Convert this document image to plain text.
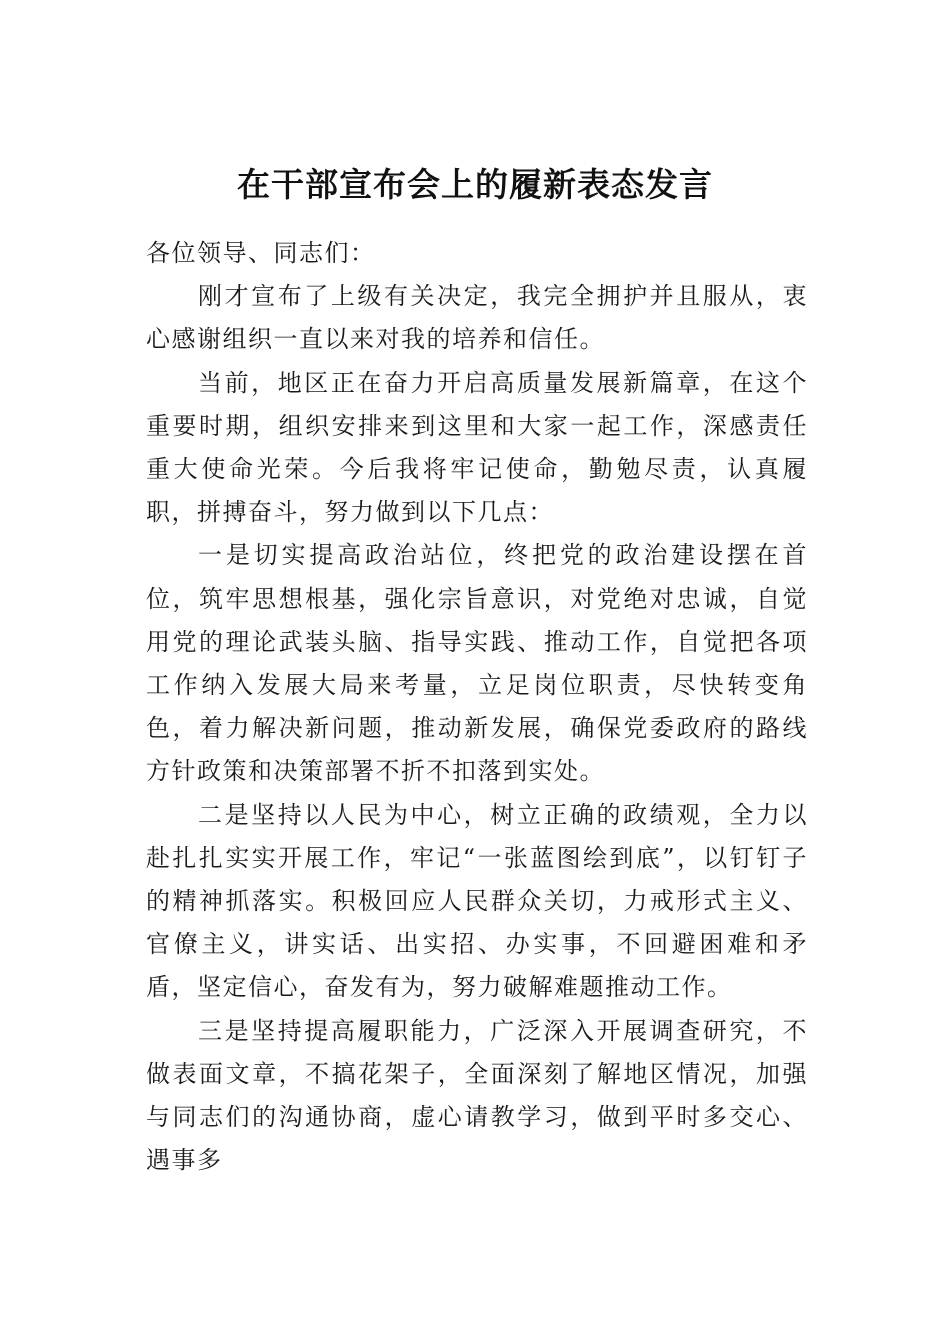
在干部宣布会上的履新表态发言

各位领导、同志们：

刚才宣布了上级有关决定，我完全拥护并且服从，衷心感谢组织一直以来对我的培养和信任。

当前，地区正在奋力开启高质量发展新篇章，在这个重要时期，组织安排来到这里和大家一起工作，深感责任重大使命光荣。今后我将牢记使命，勤勉尽责，认真履职，拼搏奋斗，努力做到以下几点：

一是切实提高政治站位，终把党的政治建设摆在首位，筑牢思想根基，强化宗旨意识，对党绝对忠诚，自觉用党的理论武装头脑、指导实践、推动工作，自觉把各项工作纳入发展大局来考量，立足岗位职责，尽快转变角色，着力解决新问题，推动新发展，确保党委政府的路线方针政策和决策部署不折不扣落到实处。

二是坚持以人民为中心，树立正确的政绩观，全力以赴扎扎实实开展工作，牢记“一张蓝图绘到底”，以钉钉子的精神抓落实。积极回应人民群众关切，力戒形式主义、官僚主义，讲实话、出实招、办实事，不回避困难和矛盾，坚定信心，奋发有为，努力破解难题推动工作。

三是坚持提高履职能力，广泛深入开展调查研究，不做表面文章，不搞花架子，全面深刻了解地区情况，加强与同志们的沟通协商，虚心请教学习，做到平时多交心、遇事多
